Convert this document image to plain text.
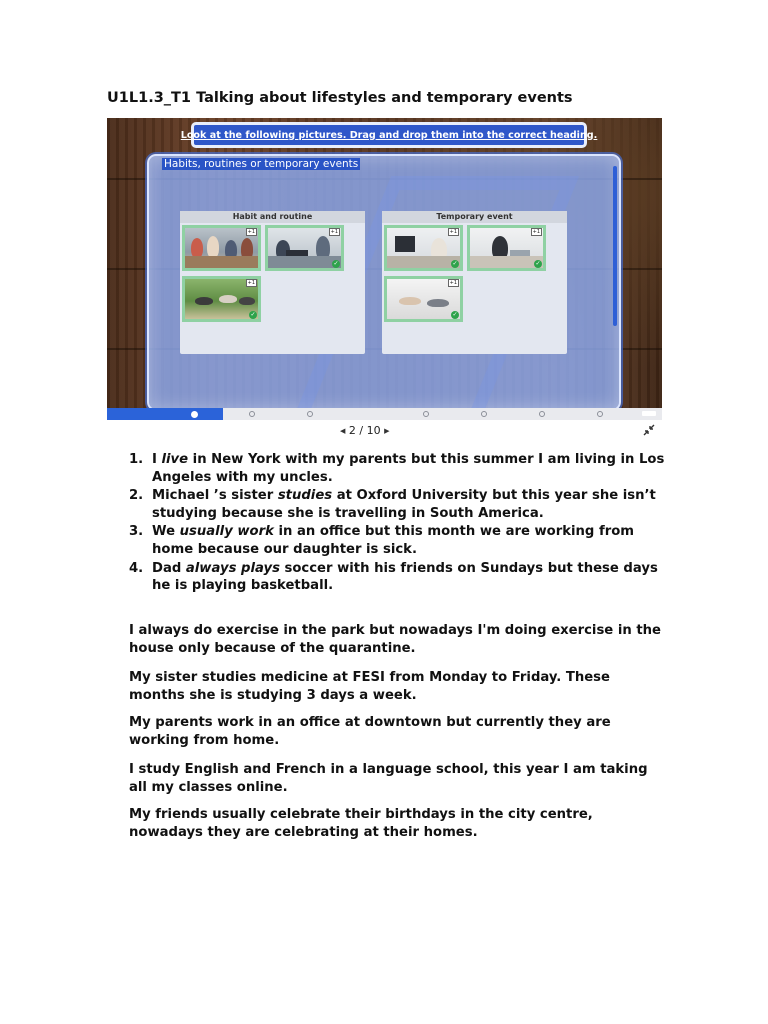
U1L1.3_T1 Talking about lifestyles and temporary events
Look at the following pictures. Drag and drop them into the correct heading.
Habits, routines or temporary events
Habit and routine
+1	+1
✓
+1
✓
Temporary event
+1
✓
+1
✓
+1
✓
◀ 2 / 10 ▶
1. I live in New York with my parents but this summer I am living in Los Angeles with my uncles.
2. Michael ’s sister studies at Oxford University but this year she isn’t studying because she is travelling in South America.
3. We usually work in an office but this month we are working from home because our daughter is sick.
4. Dad always plays soccer with his friends on Sundays but these days he is playing basketball.
I always do exercise in the park but nowadays I'm doing exercise in the house only because of the quarantine.
My sister studies medicine at FESI from Monday to Friday. These months she is studying 3 days a week.
My parents work in an office at downtown but currently they are working from home.
I study English and French in a language school, this year I am taking all my classes online.
My friends usually celebrate their birthdays in the city centre, nowadays they are celebrating at their homes.
